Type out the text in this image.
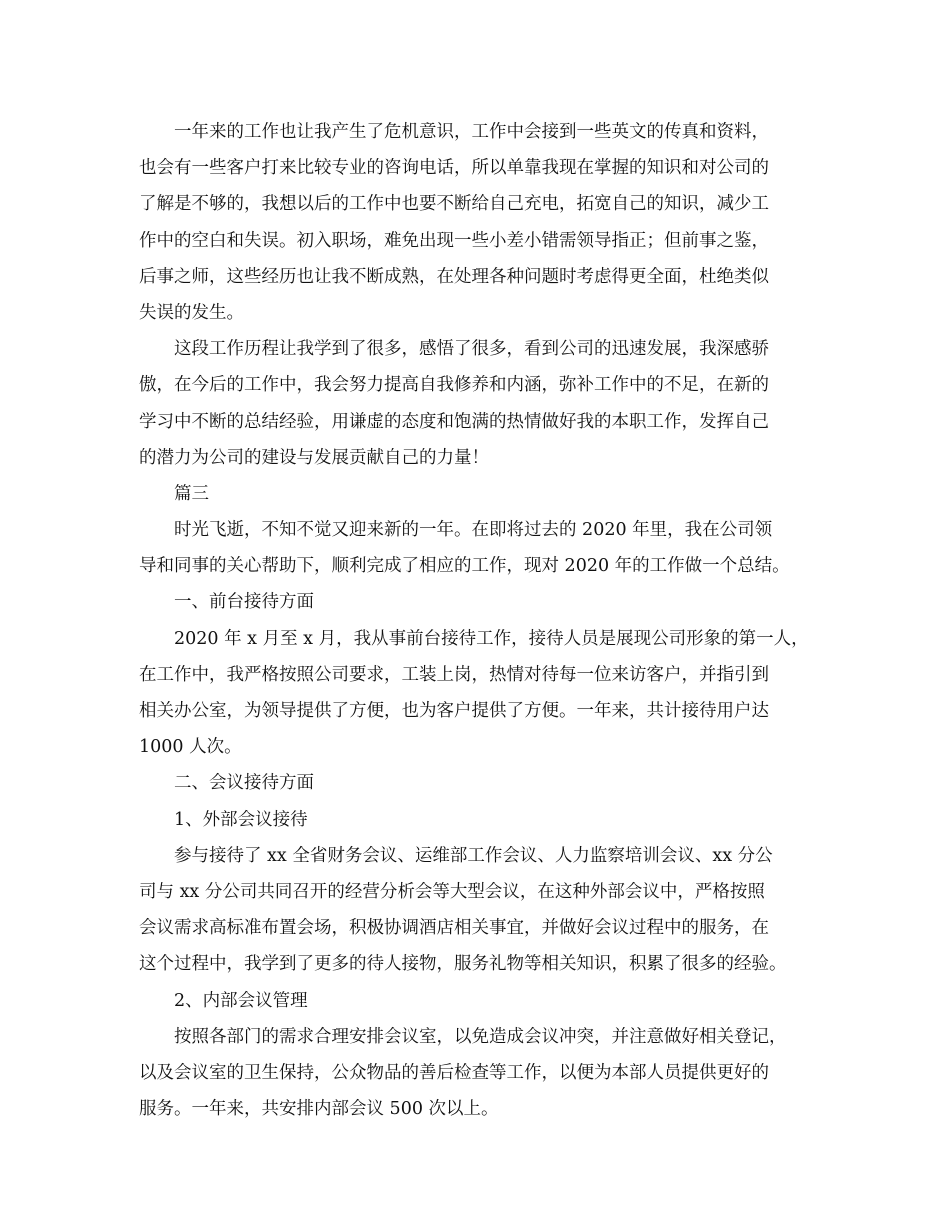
一年来的工作也让我产生了危机意识，工作中会接到一些英文的传真和资料，
也会有一些客户打来比较专业的咨询电话，所以单靠我现在掌握的知识和对公司的
了解是不够的，我想以后的工作中也要不断给自己充电，拓宽自己的知识，减少工
作中的空白和失误。初入职场，难免出现一些小差小错需领导指正；但前事之鉴，
后事之师，这些经历也让我不断成熟，在处理各种问题时考虑得更全面，杜绝类似
失误的发生。
这段工作历程让我学到了很多，感悟了很多，看到公司的迅速发展，我深感骄
傲，在今后的工作中，我会努力提高自我修养和内涵，弥补工作中的不足，在新的
学习中不断的总结经验，用谦虚的态度和饱满的热情做好我的本职工作，发挥自己
的潜力为公司的建设与发展贡献自己的力量！
篇三
时光飞逝，不知不觉又迎来新的一年。在即将过去的 2020 年里，我在公司领
导和同事的关心帮助下，顺利完成了相应的工作，现对 2020 年的工作做一个总结。
一、前台接待方面
2020 年 x 月至 x 月，我从事前台接待工作，接待人员是展现公司形象的第一人，
在工作中，我严格按照公司要求，工装上岗，热情对待每一位来访客户，并指引到
相关办公室，为领导提供了方便，也为客户提供了方便。一年来，共计接待用户达
1000 人次。
二、会议接待方面
1、外部会议接待
参与接待了 xx 全省财务会议、运维部工作会议、人力监察培训会议、xx 分公
司与 xx 分公司共同召开的经营分析会等大型会议，在这种外部会议中，严格按照
会议需求高标准布置会场，积极协调酒店相关事宜，并做好会议过程中的服务，在
这个过程中，我学到了更多的待人接物，服务礼物等相关知识，积累了很多的经验。
2、内部会议管理
按照各部门的需求合理安排会议室，以免造成会议冲突，并注意做好相关登记，
以及会议室的卫生保持，公众物品的善后检查等工作，以便为本部人员提供更好的
服务。一年来，共安排内部会议 500 次以上。
